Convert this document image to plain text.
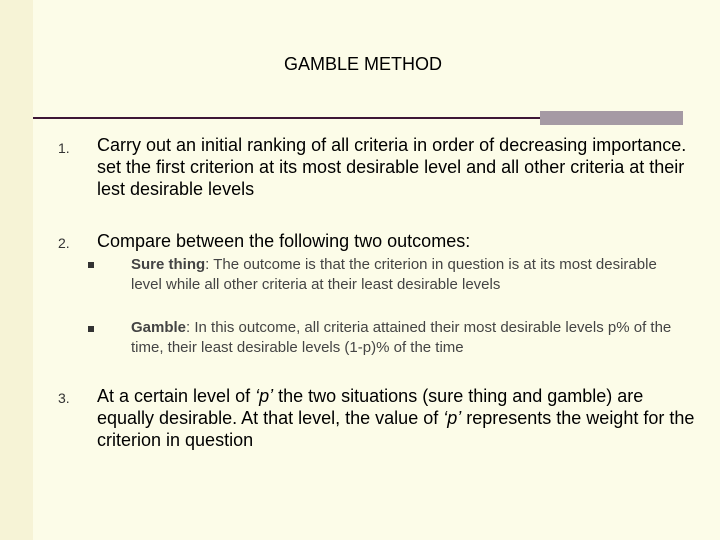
GAMBLE METHOD
1. Carry out an initial ranking of all criteria in order of decreasing importance. set the first criterion at its most desirable level and all other criteria at their lest desirable levels
2. Compare between the following two outcomes:
Sure thing: The outcome is that the criterion in question is at its most desirable level while all other criteria at their least desirable levels
Gamble: In this outcome, all criteria attained their most desirable levels p% of the time, their least desirable levels (1-p)% of the time
3. At a certain level of ‘p’ the two situations (sure thing and gamble) are equally desirable. At that level, the value of ‘p’ represents the weight for the criterion in question
